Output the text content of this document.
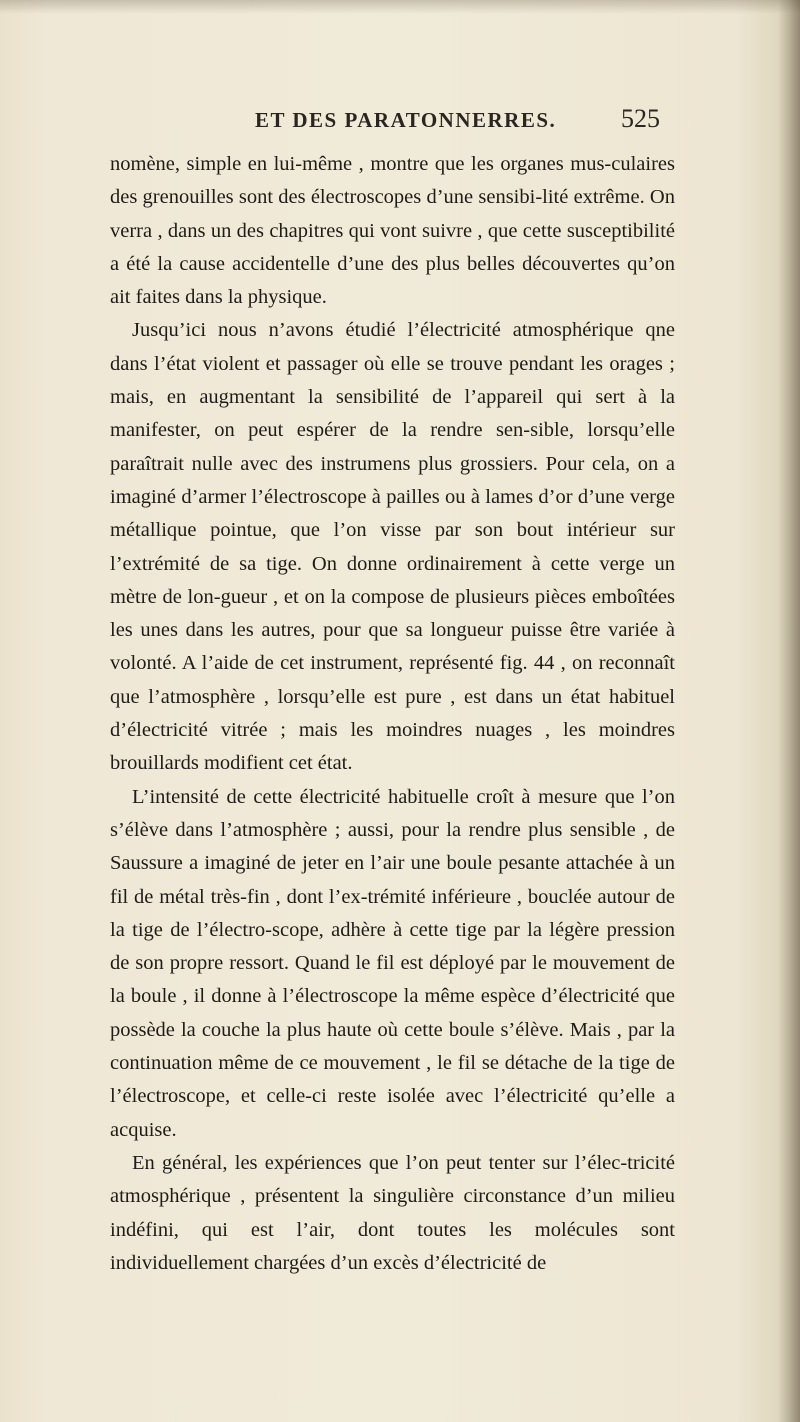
ET DES PARATONNERRES. 525

nomène, simple en lui-même , montre que les organes mus-culaires des grenouilles sont des électroscopes d’une sensibi-lité extrême. On verra , dans un des chapitres qui vont suivre , que cette susceptibilité a été la cause accidentelle d’une des plus belles découvertes qu’on ait faites dans la physique.

Jusqu’ici nous n’avons étudié l’électricité atmosphérique qne dans l’état violent et passager où elle se trouve pendant les orages ; mais, en augmentant la sensibilité de l’appareil qui sert à la manifester, on peut espérer de la rendre sen-sible, lorsqu’elle paraîtrait nulle avec des instrumens plus grossiers. Pour cela, on a imaginé d’armer l’électroscope à pailles ou à lames d’or d’une verge métallique pointue, que l’on visse par son bout intérieur sur l’extrémité de sa tige. On donne ordinairement à cette verge un mètre de lon-gueur , et on la compose de plusieurs pièces emboîtées les unes dans les autres, pour que sa longueur puisse être variée à volonté. A l’aide de cet instrument, représenté fig. 44 , on reconnaît que l’atmosphère , lorsqu’elle est pure , est dans un état habituel d’électricité vitrée ; mais les moindres nuages , les moindres brouillards modifient cet état.

L’intensité de cette électricité habituelle croît à mesure que l’on s’élève dans l’atmosphère ; aussi, pour la rendre plus sensible , de Saussure a imaginé de jeter en l’air une boule pesante attachée à un fil de métal très-fin , dont l’ex-trémité inférieure , bouclée autour de la tige de l’électro-scope, adhère à cette tige par la légère pression de son propre ressort. Quand le fil est déployé par le mouvement de la boule , il donne à l’électroscope la même espèce d’électricité que possède la couche la plus haute où cette boule s’élève. Mais , par la continuation même de ce mouvement , le fil se détache de la tige de l’électroscope, et celle-ci reste isolée avec l’électricité qu’elle a acquise.

En général, les expériences que l’on peut tenter sur l’élec-tricité atmosphérique , présentent la singulière circonstance d’un milieu indéfini, qui est l’air, dont toutes les molécules sont individuellement chargées d’un excès d’électricité de
